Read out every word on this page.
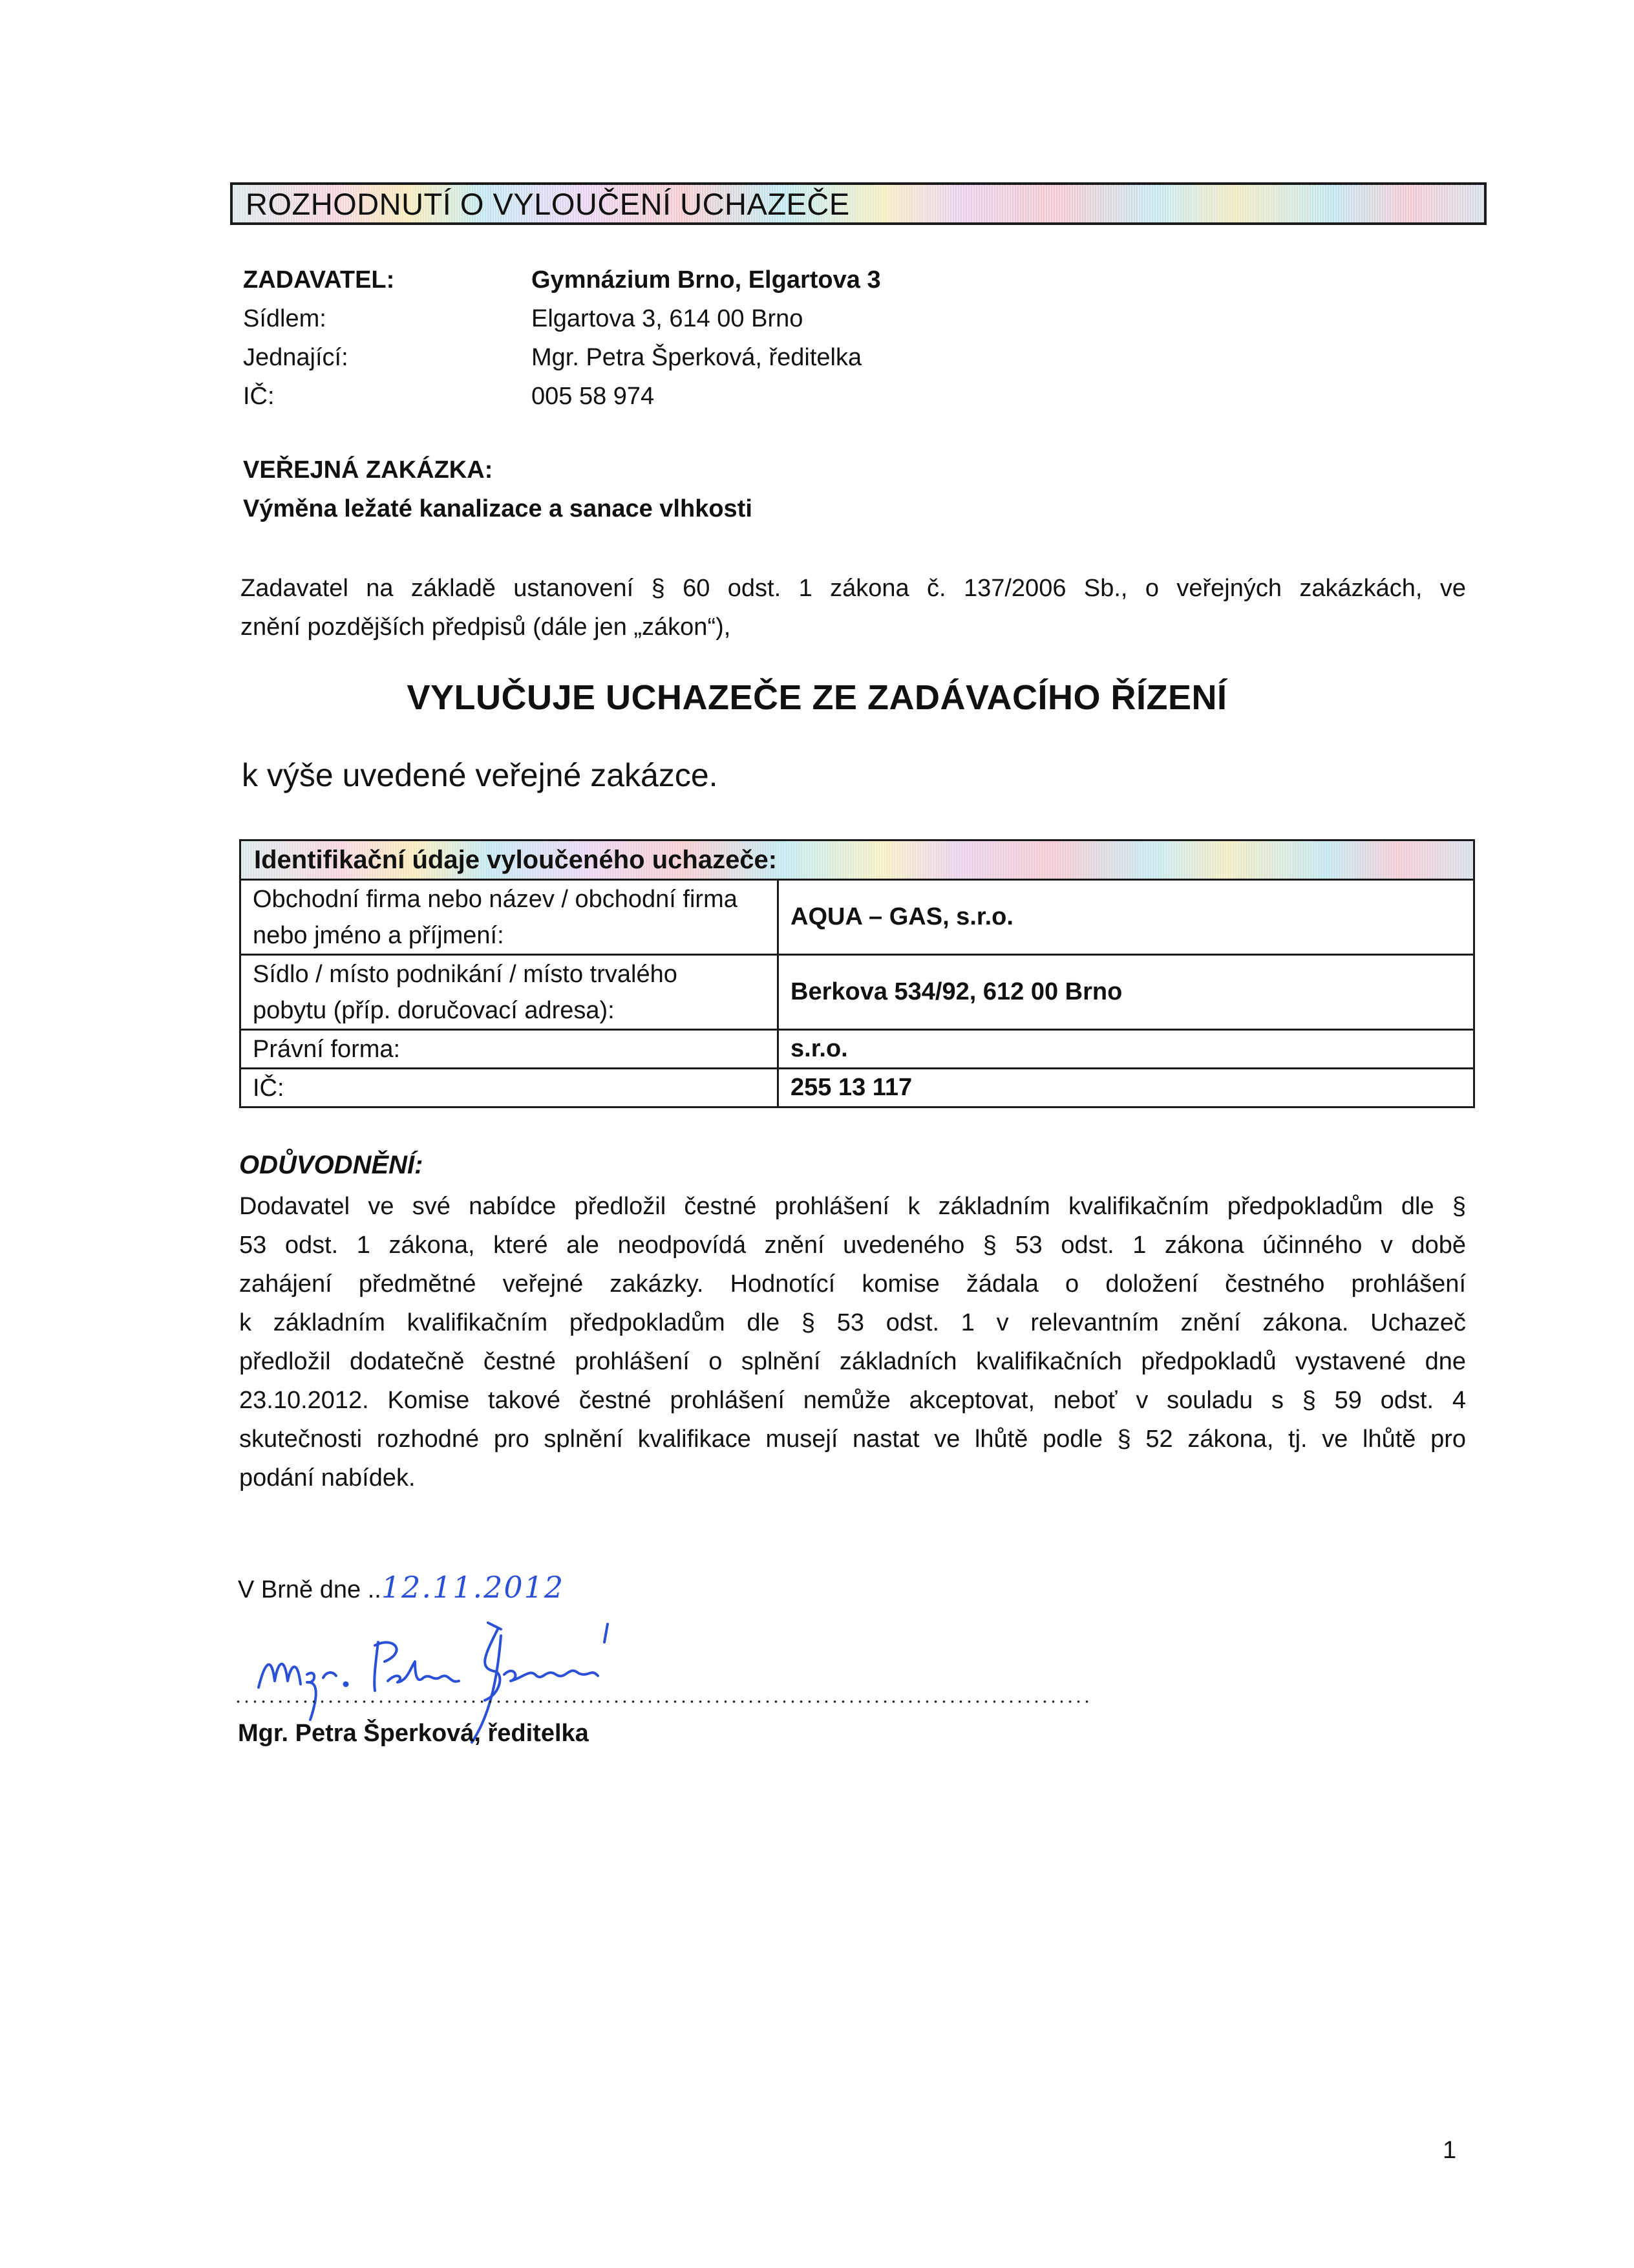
ROZHODNUTÍ O VYLOUČENÍ UCHAZEČE
ZADAVATEL:	Gymnázium Brno, Elgartova 3
Sídlem:	Elgartova 3, 614 00 Brno
Jednající:	Mgr. Petra Šperková, ředitelka
IČ:	005 58 974
VEŘEJNÁ ZAKÁZKA:
Výměna ležaté kanalizace a sanace vlhkosti
Zadavatel na základě ustanovení § 60 odst. 1 zákona č. 137/2006 Sb., o veřejných zakázkách, ve
znění pozdějších předpisů (dále jen „zákon“),
VYLUČUJE UCHAZEČE ZE ZADÁVACÍHO ŘÍZENÍ
k výše uvedené veřejné zakázce.
Identifikační údaje vyloučeného uchazeče:	

Obchodní firma nebo název / obchodní firma
nebo jméno a příjmení:	AQUA – GAS, s.r.o.

Sídlo / místo podnikání / místo trvalého
pobytu (příp. doručovací adresa):	Berkova 534/92, 612 00 Brno

Právní forma:	s.r.o.

IČ:	255 13 117
ODŮVODNĚNÍ:
Dodavatel ve své nabídce předložil čestné prohlášení k základním kvalifikačním předpokladům dle §
53 odst. 1 zákona, které ale neodpovídá znění uvedeného § 53 odst. 1 zákona účinného v době
zahájení předmětné veřejné zakázky. Hodnotící komise žádala o doložení čestného prohlášení
k základním kvalifikačním předpokladům dle § 53 odst. 1 v relevantním znění zákona. Uchazeč
předložil dodatečně čestné prohlášení o splnění základních kvalifikačních předpokladů vystavené dne
23.10.2012. Komise takové čestné prohlášení nemůže akceptovat, neboť v souladu s § 59 odst. 4
skutečnosti rozhodné pro splnění kvalifikace musejí nastat ve lhůtě podle § 52 zákona, tj. ve lhůtě pro
podání nabídek.
V Brně dne ..12.11.2012
Mgr. Petra Šperková, ředitelka
1
